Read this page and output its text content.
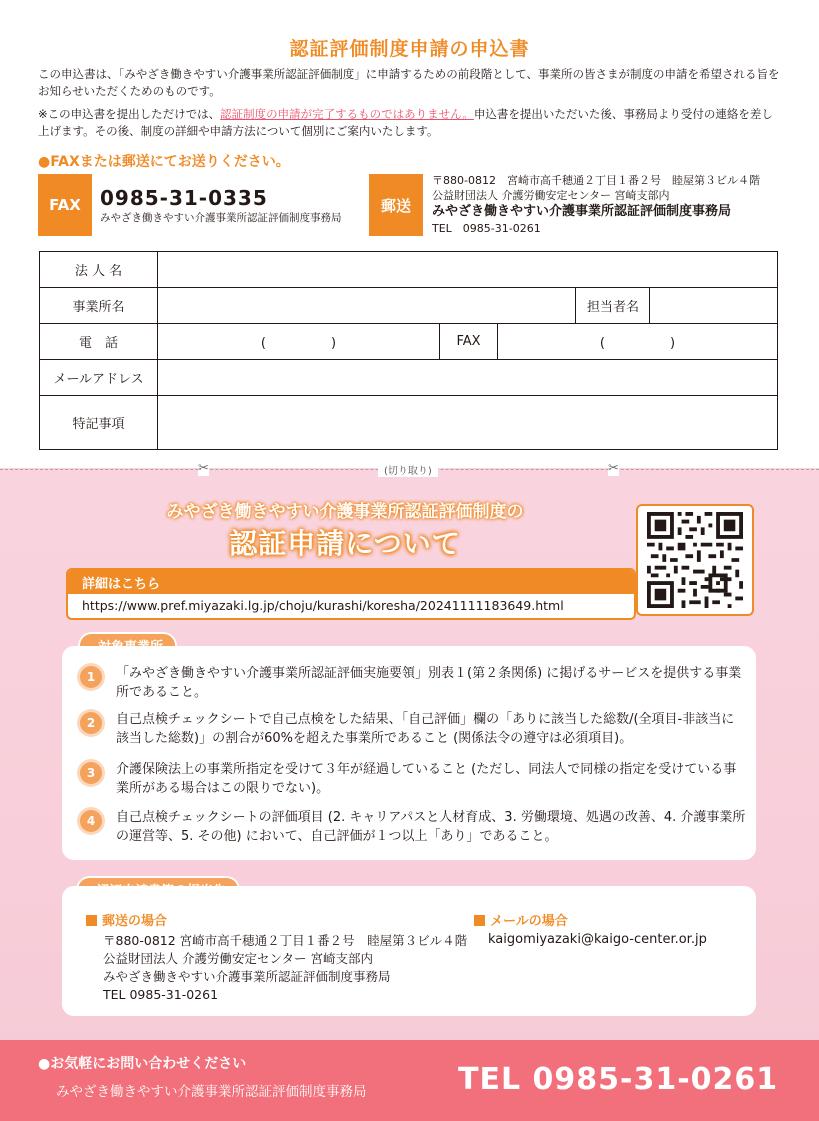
認証評価制度申請の申込書
この申込書は、「みやざき働きやすい介護事業所認証評価制度」に申請するための前段階として、事業所の皆さまが制度の申請を希望される旨をお知らせいただくためのものです。
※この申込書を提出しただけでは、認証制度の申請が完了するものではありません。申込書を提出いただいた後、事務局より受付の連絡を差し上げます。その後、制度の詳細や申請方法について個別にご案内いたします。
●FAXまたは郵送にてお送りください。
FAX 0985-31-0335
みやざき働きやすい介護事業所認証評価制度事務局
郵送
〒880-0812　宮崎市高千穂通２丁目１番２号　睦屋第３ビル４階
公益財団法人 介護労働安定センター 宮崎支部内
みやざき働きやすい介護事業所認証評価制度事務局
TEL　0985-31-0261
法 人 名					
事業所名				担当者名	
電　話	(　　　　　)	FAX	(　　　　　)		
メールアドレス					
特記事項					
✂	(切り取り)	✂
みやざき働きやすい介護事業所認証評価制度の
認証申請について
詳細はこちら
https://www.pref.miyazaki.lg.jp/choju/kurashi/koresha/20241111183649.html
1	「みやざき働きやすい介護事業所認証評価実施要領」別表１(第２条関係) に掲げるサービスを提供する事業所であること。
2	自己点検チェックシートで自己点検をした結果、「自己評価」欄の「ありに該当した総数/(全項目-非該当に該当した総数)」の割合が60%を超えた事業所であること (関係法令の遵守は必須項目)。
3	介護保険法上の事業所指定を受けて３年が経過していること (ただし、同法人で同様の指定を受けている事業所がある場合はこの限りでない)。
4	自己点検チェックシートの評価項目 (2. キャリアパスと人材育成、3. 労働環境、処遇の改善、4. 介護事業所の運営等、5. その他) において、自己評価が１つ以上「あり」であること。
郵送の場合
〒880-0812 宮崎市高千穂通２丁目１番２号　睦屋第３ビル４階
公益財団法人 介護労働安定センター 宮崎支部内
みやざき働きやすい介護事業所認証評価制度事務局
TEL 0985-31-0261
メールの場合
kaigomiyazaki@kaigo-center.or.jp
●お気軽にお問い合わせください
みやざき働きやすい介護事業所認証評価制度事務局	TEL 0985-31-0261
